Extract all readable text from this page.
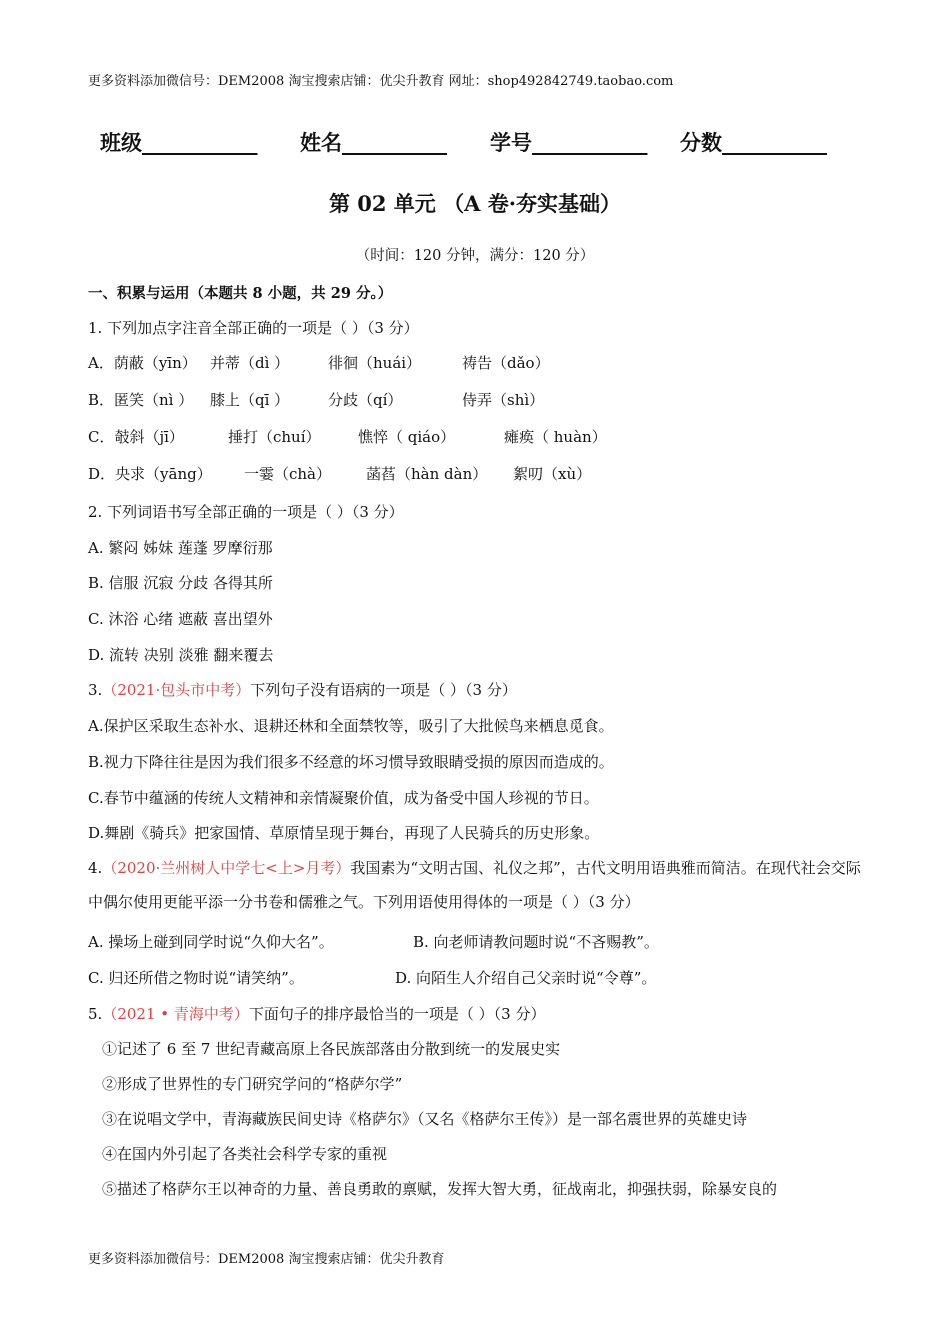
更多资料添加微信号：DEM2008 淘宝搜索店铺：优尖升教育 网址：shop492842749.taobao.com
班级___________ 姓名__________ 学号___________ 分数__________
第 02 单元 （A 卷·夯实基础）
（时间：120 分钟，满分：120 分）
一、积累与运用（本题共 8 小题，共 29 分。）
1. 下列加点字注音全部正确的一项是（ ）（3 分）
A．荫蔽（yīn） 并蒂（dì ）	徘徊（huái）	祷告（dǎo）
B．匿笑（nì ） 膝上（qī ）	分歧（qí）	侍弄（shì）
C．攲斜（jī）	捶打（chuí） 憔悴（ qiáo）	瘫痪（ huàn）
D．央求（yāng） 一霎（chà） 菡萏（hàn dàn） 絮叨（xù）
2. 下列词语书写全部正确的一项是（ ）（3 分）
A. 繁闷 姊妹 莲蓬 罗摩衍那
B. 信服 沉寂 分歧 各得其所
C. 沐浴 心绪 遮蔽 喜出望外
D. 流转 决别 淡雅 翻来覆去
3.（2021·包头市中考）下列句子没有语病的一项是（ ）（3 分）
A.保护区采取生态补水、退耕还林和全面禁牧等，吸引了大批候鸟来栖息觅食。
B.视力下降往往是因为我们很多不经意的坏习惯导致眼睛受损的原因而造成的。
C.春节中蕴涵的传统人文精神和亲情凝聚价值，成为备受中国人珍视的节日。
D.舞剧《骑兵》把家国情、草原情呈现于舞台，再现了人民骑兵的历史形象。
4.（2020·兰州树人中学七<上>月考）我国素为“文明古国、礼仪之邦”，古代文明用语典雅而简洁。在现代社会交际中偶尔使用更能平添一分书卷和儒雅之气。下列用语使用得体的一项是（ ）（3 分）
A. 操场上碰到同学时说“久仰大名”。	B. 向老师请教问题时说“不吝赐教”。
C. 归还所借之物时说“请笑纳”。	D. 向陌生人介绍自己父亲时说“令尊”。
5.（2021 • 青海中考）下面句子的排序最恰当的一项是（ ）（3 分）
①记述了 6 至 7 世纪青藏高原上各民族部落由分散到统一的发展史实
②形成了世界性的专门研究学问的“格萨尔学”
③在说唱文学中，青海藏族民间史诗《格萨尔》（又名《格萨尔王传》）是一部名震世界的英雄史诗
④在国内外引起了各类社会科学专家的重视
⑤描述了格萨尔王以神奇的力量、善良勇敢的禀赋，发挥大智大勇，征战南北，抑强扶弱，除暴安良的
更多资料添加微信号：DEM2008 淘宝搜索店铺：优尖升教育
